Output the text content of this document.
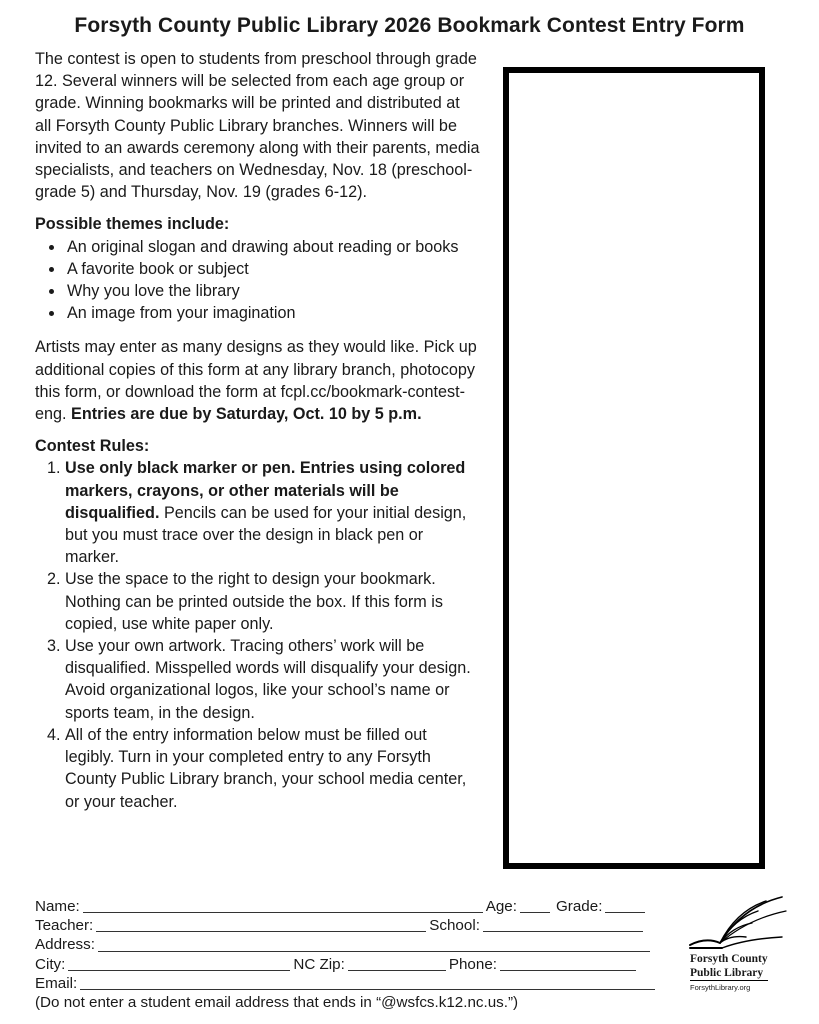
Forsyth County Public Library 2026 Bookmark Contest Entry Form

The contest is open to students from preschool through grade 12. Several winners will be selected from each age group or grade. Winning bookmarks will be printed and distributed at all Forsyth County Public Library branches. Winners will be invited to an awards ceremony along with their parents, media specialists, and teachers on Wednesday, Nov. 18 (preschool-grade 5) and Thursday, Nov. 19 (grades 6-12).

Possible themes include:

• An original slogan and drawing about reading or books
• A favorite book or subject
• Why you love the library
• An image from your imagination

Artists may enter as many designs as they would like. Pick up additional copies of this form at any library branch, photocopy this form, or download the form at fcpl.cc/bookmark-contest-eng. Entries are due by Saturday, Oct. 10 by 5 p.m.

Contest Rules:

1. Use only black marker or pen. Entries using colored markers, crayons, or other materials will be disqualified. Pencils can be used for your initial design, but you must trace over the design in black pen or marker.
2. Use the space to the right to design your bookmark. Nothing can be printed outside the box. If this form is copied, use white paper only.
3. Use your own artwork. Tracing others’ work will be disqualified. Misspelled words will disqualify your design. Avoid organizational logos, like your school’s name or sports team, in the design.
4. All of the entry information below must be filled out legibly. Turn in your completed entry to any Forsyth County Public Library branch, your school media center, or your teacher.
Name:	Age:	Grade:
Teacher:	School:
Address:
City:	NC Zip:	Phone:
Email:
(Do not enter a student email address that ends in “@wsfcs.k12.nc.us.”)
Forsyth County
Public Library
ForsythLibrary.org
